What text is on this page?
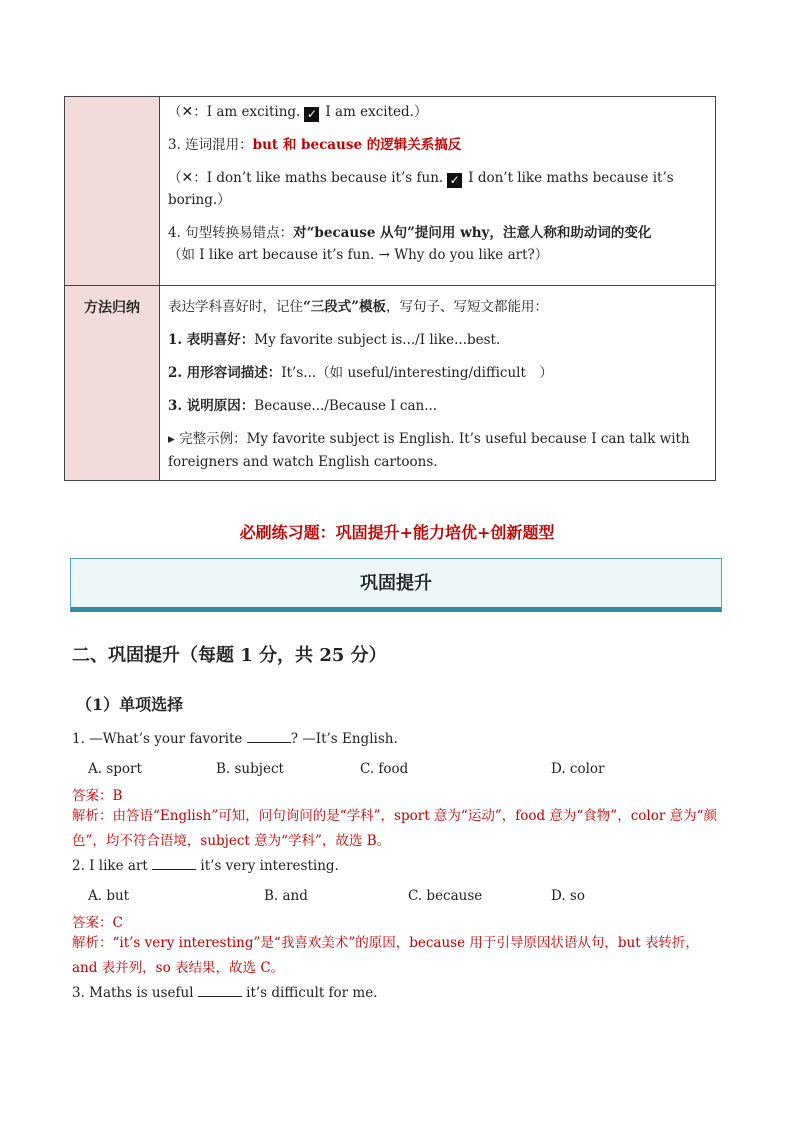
	（✕：I am exciting. ✓ I am excited.）
3. 连词混用：but 和 because 的逻辑关系搞反
（✕：I don’t like maths because it’s fun. ✓ I don’t like maths because it’s boring.）
4. 句型转换易错点：对“because 从句”提问用 why，注意人称和助动词的变化
（如 I like art because it’s fun. → Why do you like art?）

方法归纳	表达学科喜好时，记住“三段式”模板，写句子、写短文都能用：
1. 表明喜好：My favorite subject is.../I like...best.
2. 用形容词描述：It’s...（如 useful/interesting/difficult　）
3. 说明原因：Because.../Because I can...
▸ 完整示例：My favorite subject is English. It’s useful because I can talk with foreigners and watch English cartoons.
必刷练习题：巩固提升+能力培优+创新题型
巩固提升
二、巩固提升（每题 1 分，共 25 分）
（1）单项选择
1. —What’s your favorite	? —It’s English.
A. sport	B. subject	C. food	D. color
答案：B
解析：由答语“English”可知，问句询问的是“学科”，sport 意为“运动”，food 意为“食物”，color 意为“颜色”，均不符合语境，subject 意为“学科”，故选 B。
2. I like art	it’s very interesting.
A. but	B. and	C. because	D. so
答案：C
解析：“it’s very interesting”是“我喜欢美术”的原因，because 用于引导原因状语从句，but 表转折，and 表并列，so 表结果，故选 C。
3. Maths is useful	it’s difficult for me.
